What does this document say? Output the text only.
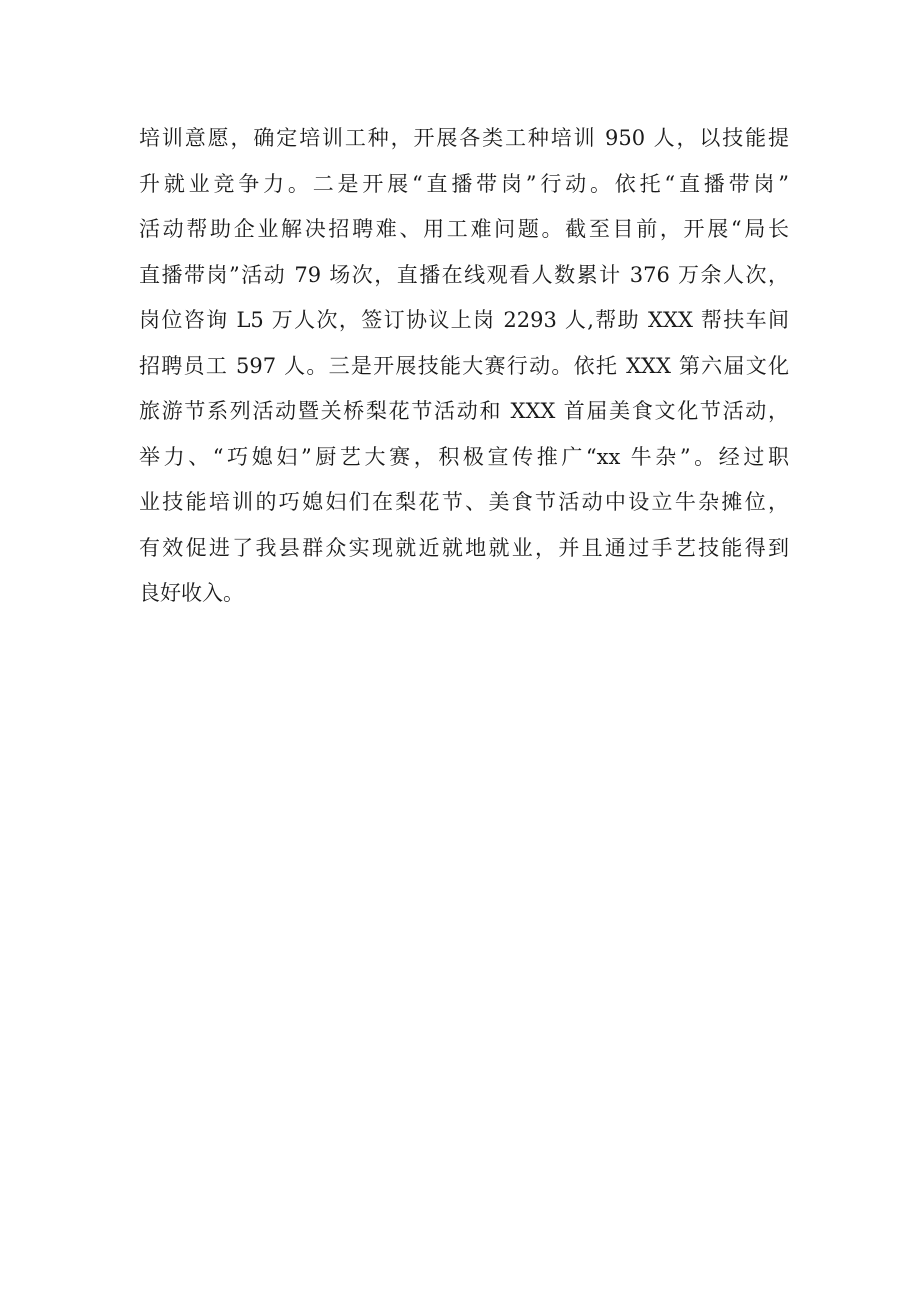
培训意愿，确定培训工种，开展各类工种培训 950 人，以技能提
升就业竞争力。二是开展“直播带岗”行动。依托“直播带岗”
活动帮助企业解决招聘难、用工难问题。截至目前，开展“局长
直播带岗”活动 79 场次，直播在线观看人数累计 376 万余人次，
岗位咨询 L5 万人次，签订协议上岗 2293 人,帮助 XXX 帮扶车间
招聘员工 597 人。三是开展技能大赛行动。依托 XXX 第六届文化
旅游节系列活动暨关桥梨花节活动和 XXX 首届美食文化节活动，
举力、“巧媳妇”厨艺大赛，积极宣传推广“xx 牛杂”。经过职
业技能培训的巧媳妇们在梨花节、美食节活动中设立牛杂摊位，
有效促进了我县群众实现就近就地就业，并且通过手艺技能得到
良好收入。
